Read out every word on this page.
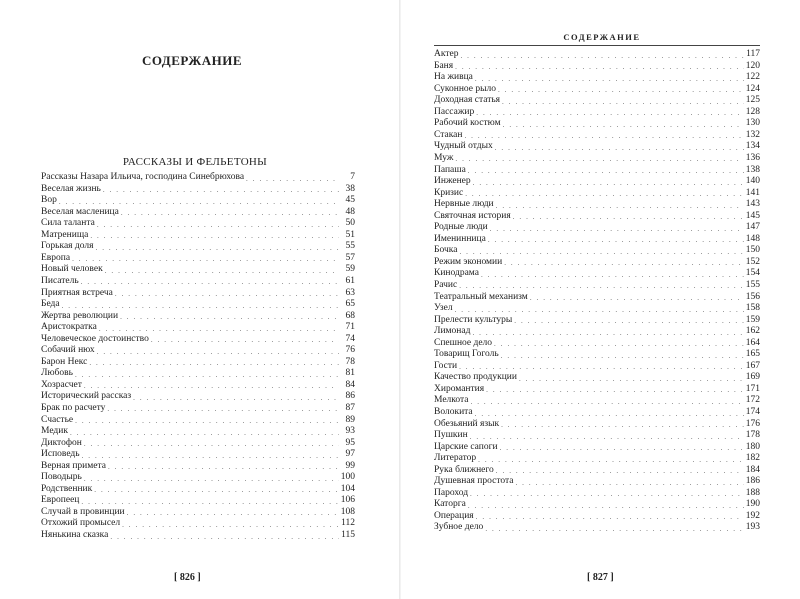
СОДЕРЖАНИЕ
РАССКАЗЫ И ФЕЛЬЕТОНЫ
Рассказы Назара Ильича, господина Синебрюхова . . .	7
Веселая жизнь . . .	38
Вор . . .	45
Веселая масленица . . .	48
Сила таланта . . .	50
Матренища . . .	51
Горькая доля . . .	55
Европа . . .	57
Новый человек . . .	59
Писатель . . .	61
Приятная встреча . . .	63
Беда . . .	65
Жертва революции . . .	68
Аристократка . . .	71
Человеческое достоинство . . .	74
Собачий нюх . . .	76
Барон Некс . . .	78
Любовь . . .	81
Хозрасчет . . .	84
Исторический рассказ . . .	86
Брак по расчету . . .	87
Счастье . . .	89
Медик . . .	93
Диктофон . . .	95
Исповедь . . .	97
Верная примета . . .	99
Поводырь . . .	100
Родственник . . .	104
Европеец . . .	106
Случай в провинции . . .	108
Отхожий промысел . . .	112
Нянькина сказка . . .	115
[ 826 ]
СОДЕРЖАНИЕ
Актер . . .	117
Баня . . .	120
На живца . . .	122
Суконное рыло . . .	124
Доходная статья . . .	125
Пассажир . . .	128
Рабочий костюм . . .	130
Стакан . . .	132
Чудный отдых . . .	134
Муж . . .	136
Папаша . . .	138
Инженер . . .	140
Кризис . . .	141
Нервные люди . . .	143
Святочная история . . .	145
Родные люди . . .	147
Именинница . . .	148
Бочка . . .	150
Режим экономии . . .	152
Кинодрама . . .	154
Рачис . . .	155
Театральный механизм . . .	156
Узел . . .	158
Прелести культуры . . .	159
Лимонад . . .	162
Спешное дело . . .	164
Товарищ Гоголь . . .	165
Гости . . .	167
Качество продукции . . .	169
Хиромантия . . .	171
Мелкота . . .	172
Волокита . . .	174
Обезьяний язык . . .	176
Пушкин . . .	178
Царские сапоги . . .	180
Литератор . . .	182
Рука ближнего . . .	184
Душевная простота . . .	186
Пароход . . .	188
Каторга . . .	190
Операция . . .	192
Зубное дело . . .	193
[ 827 ]
